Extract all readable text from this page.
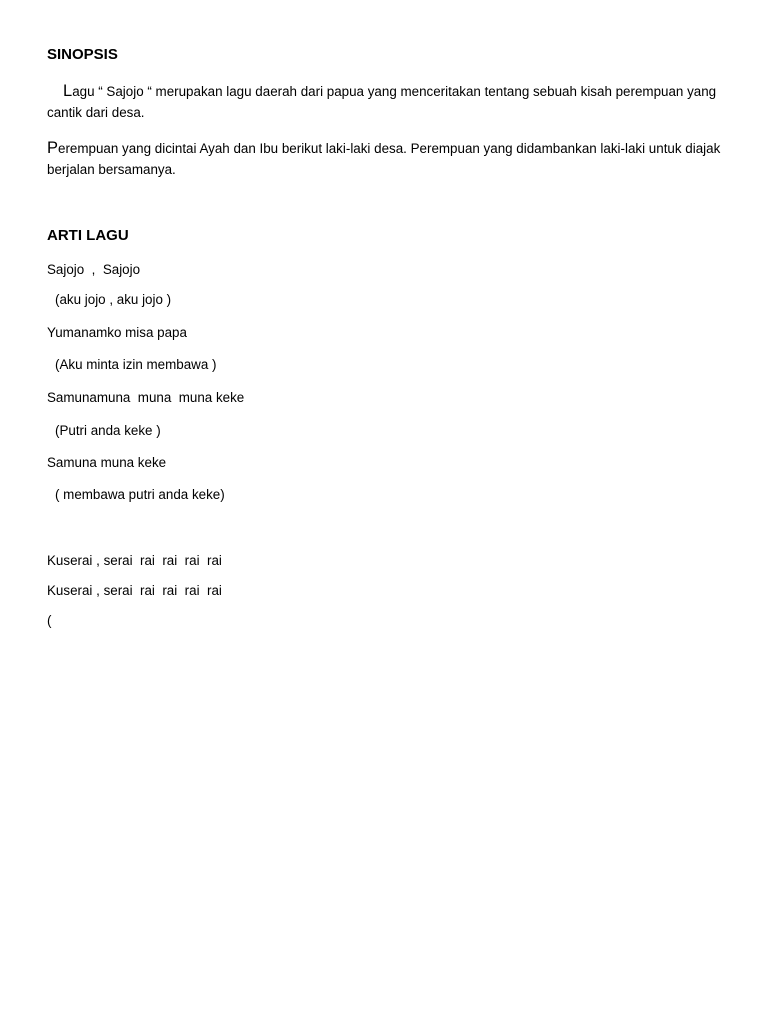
SINOPSIS

Lagu “ Sajojo “ merupakan lagu daerah dari papua yang menceritakan tentang sebuah kisah perempuan yang cantik dari desa.

Perempuan yang dicintai Ayah dan Ibu berikut laki-laki desa. Perempuan yang didambankan laki-laki untuk diajak berjalan bersamanya.

ARTI LAGU

Sajojo  ,  Sajojo

(aku jojo , aku jojo )

Yumanamko misa papa

(Aku minta izin membawa )

Samunamuna  muna  muna keke

(Putri anda keke )

Samuna muna keke

( membawa putri anda keke)

Kuserai , serai  rai  rai  rai  rai

Kuserai , serai  rai  rai  rai  rai

(
